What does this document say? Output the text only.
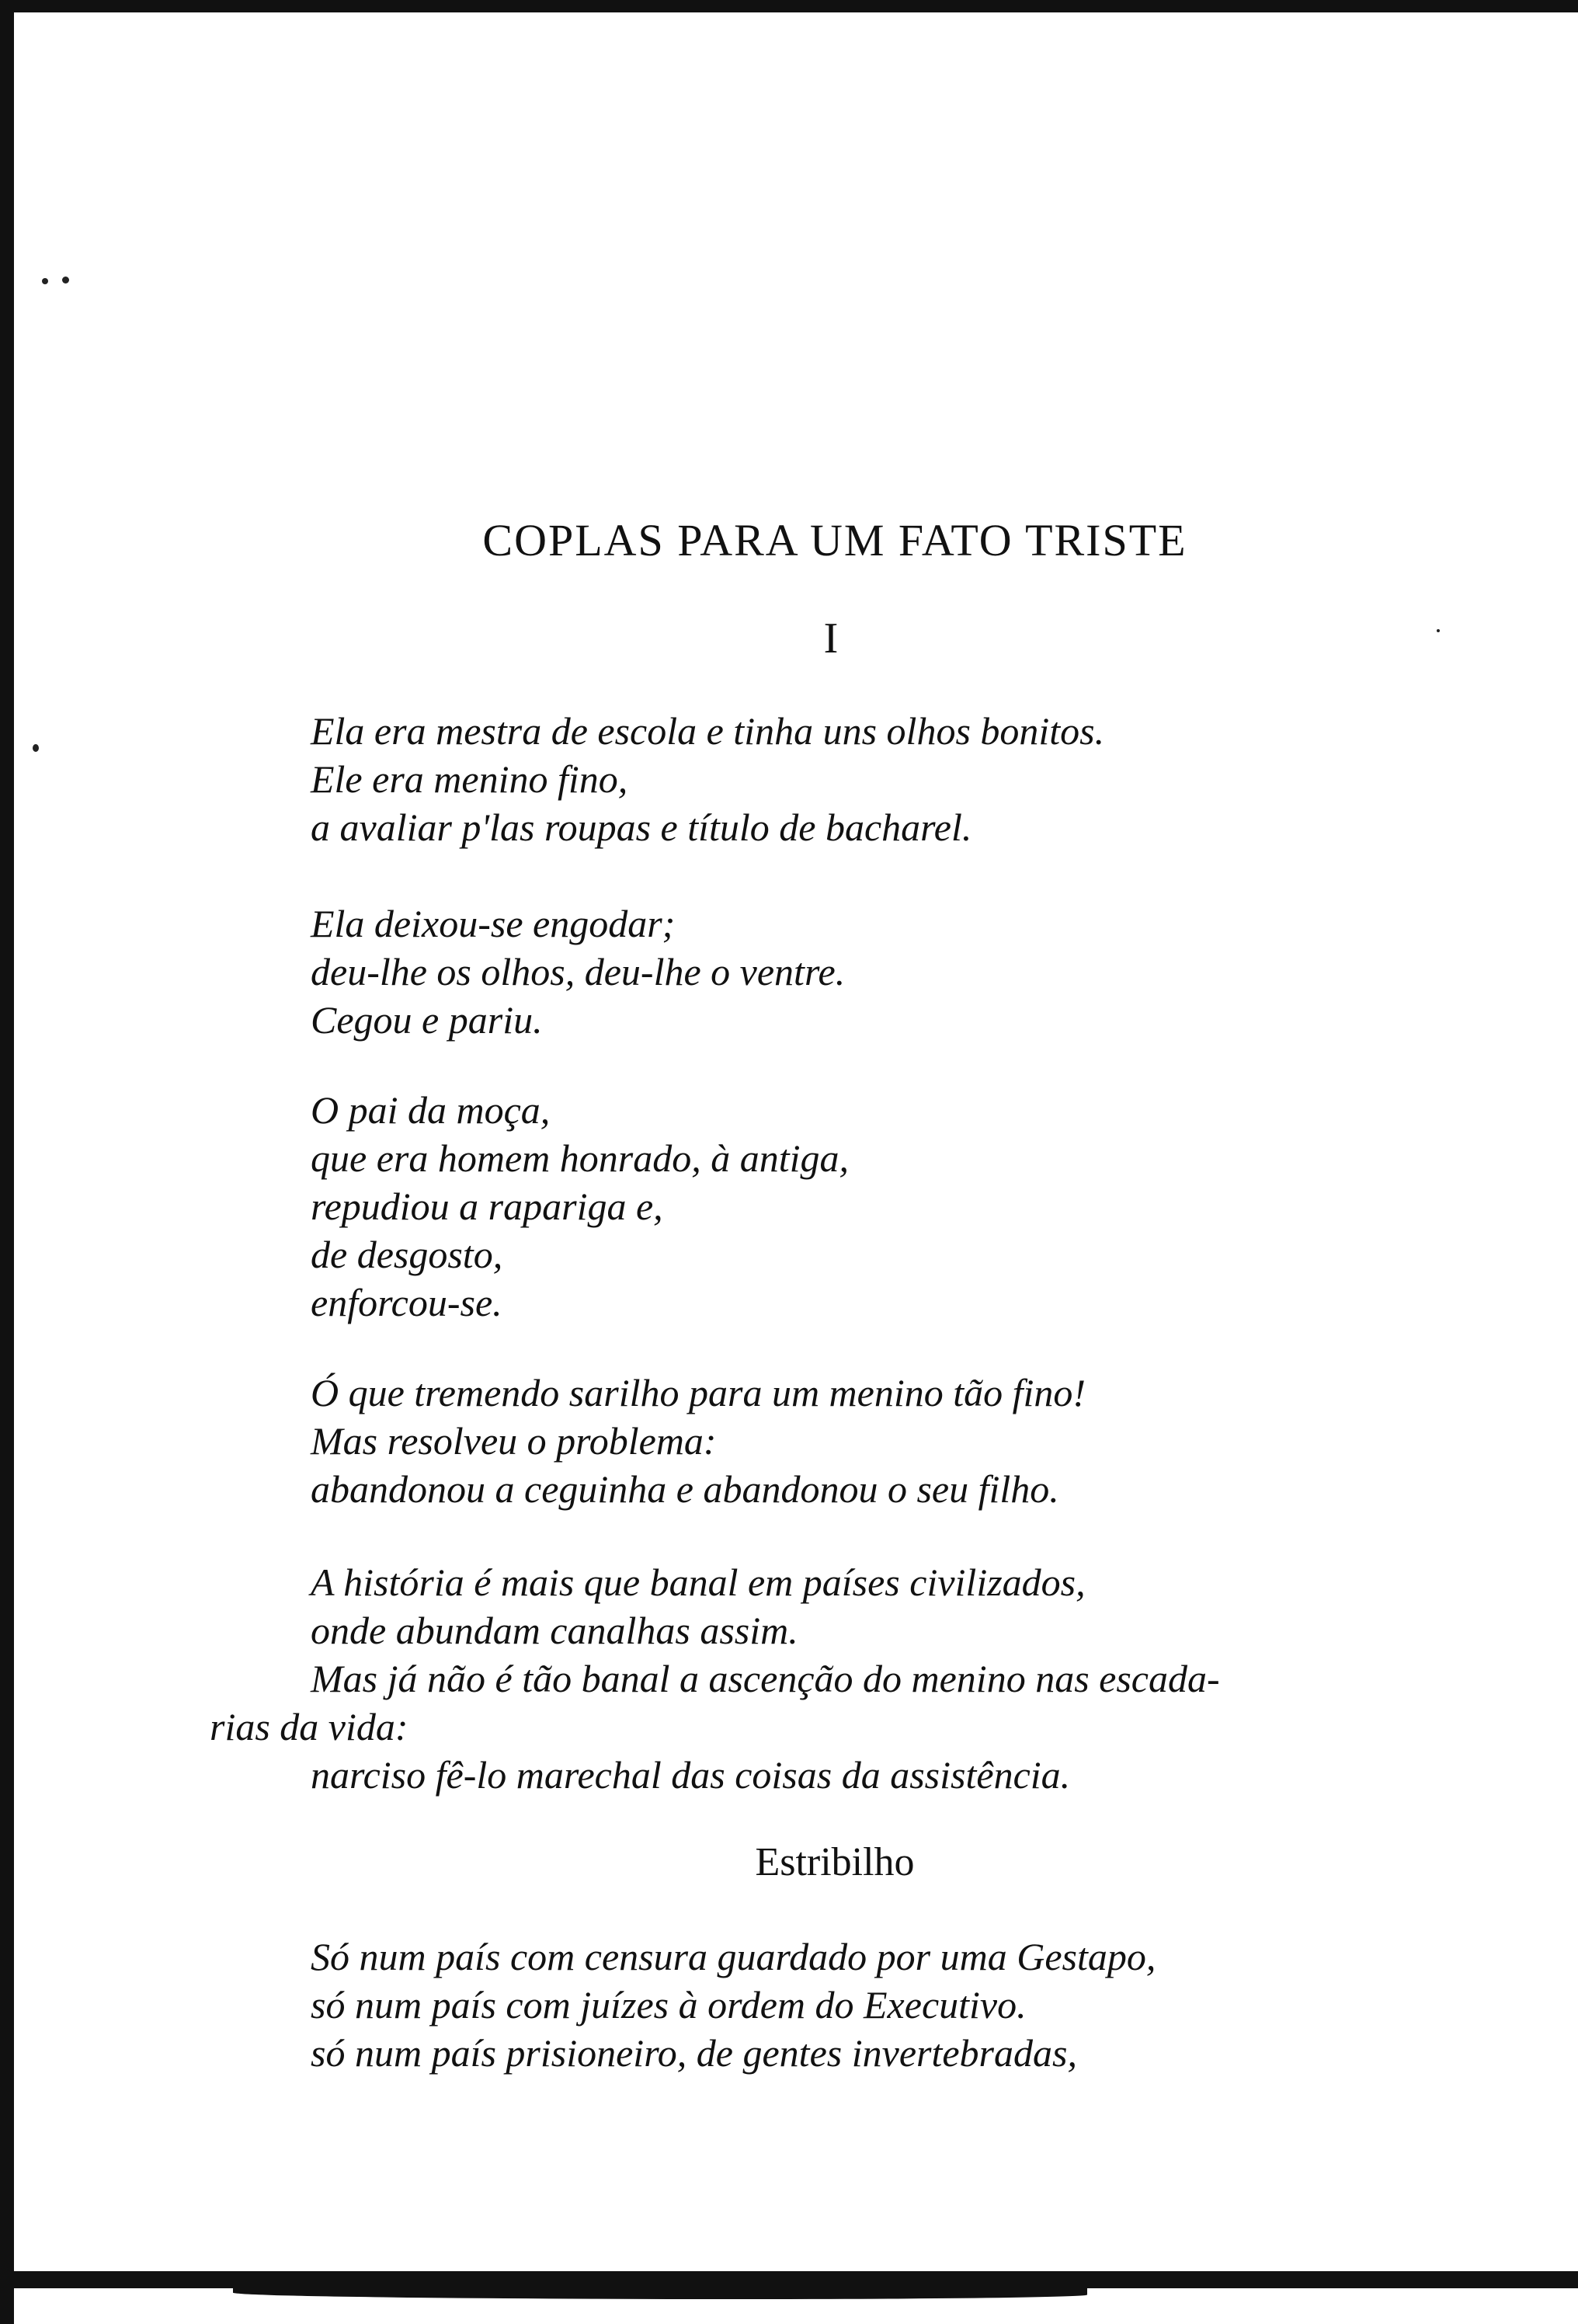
COPLAS PARA UM FATO TRISTE
I
Ela era mestra de escola e tinha uns olhos bonitos.
Ele era menino fino,
a avaliar p'las roupas e título de bacharel.
Ela deixou-se engodar;
deu-lhe os olhos, deu-lhe o ventre.
Cegou e pariu.
O pai da moça,
que era homem honrado, à antiga,
repudiou a rapariga e,
de desgosto,
enforcou-se.
Ó que tremendo sarilho para um menino tão fino!
Mas resolveu o problema:
abandonou a ceguinha e abandonou o seu filho.
A história é mais que banal em países civilizados,
onde abundam canalhas assim.
Mas já não é tão banal a ascenção do menino nas escada-
rias da vida:
narciso fê-lo marechal das coisas da assistência.
Estribilho
Só num país com censura guardado por uma Gestapo,
só num país com juízes à ordem do Executivo.
só num país prisioneiro, de gentes invertebradas,
